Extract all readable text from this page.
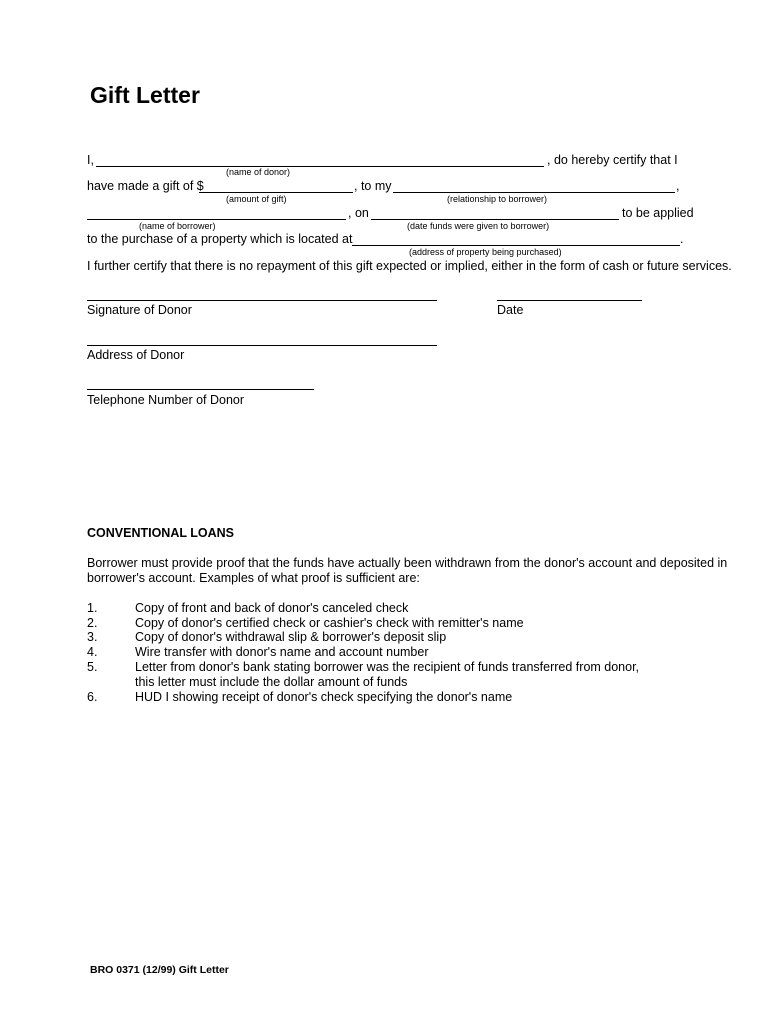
Gift Letter
I,	, do hereby certify that I
(name of donor)
have made a gift of $	, to my	,
(amount of gift)	(relationship to borrower)
, on	to be applied
(name of borrower)	(date funds were given to borrower)
to the purchase of a property which is located at	.
(address of property being purchased)
I further certify that there is no repayment of this gift expected or implied, either in the form of cash or future services.
Signature of Donor	Date
Address of Donor
Telephone Number of Donor
CONVENTIONAL LOANS
Borrower must provide proof that the funds have actually been withdrawn from the donor's account and deposited in borrower's account. Examples of what proof is sufficient are:
1.	Copy of front and back of donor's canceled check
2.	Copy of donor's certified check or cashier's check with remitter's name
3.	Copy of donor's withdrawal slip & borrower's deposit slip
4.	Wire transfer with donor's name and account number
5.	Letter from donor's bank stating borrower was the recipient of funds transferred from donor,
this letter must include the dollar amount of funds
6.	HUD I showing receipt of donor's check specifying the donor's name
BRO 0371 (12/99) Gift Letter
